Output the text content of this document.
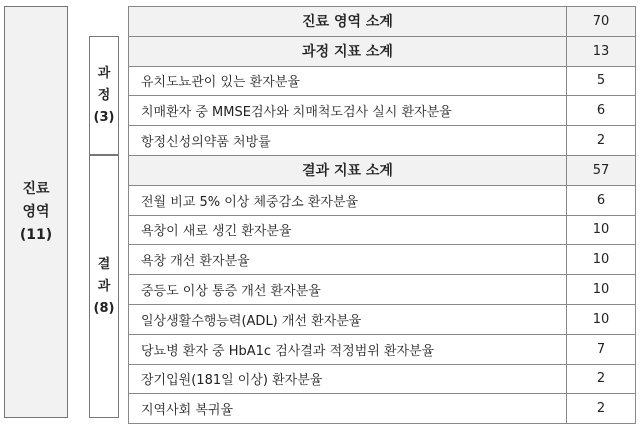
진료
영역
(11)
과
정
(3)
결
과
(8)
진료 영역 소계	70
과정 지표 소계	13
유치도뇨관이 있는 환자분율	5
치매환자 중 MMSE검사와 치매척도검사 실시 환자분율	6
항정신성의약품 처방률	2
결과 지표 소계	57
전월 비교 5% 이상 체중감소 환자분율	6
욕창이 새로 생긴 환자분율	10
욕창 개선 환자분율	10
중등도 이상 통증 개선 환자분율	10
일상생활수행능력(ADL) 개선 환자분율	10
당뇨병 환자 중 HbA1c 검사결과 적정범위 환자분율	7
장기입원(181일 이상) 환자분율	2
지역사회 복귀율	2
